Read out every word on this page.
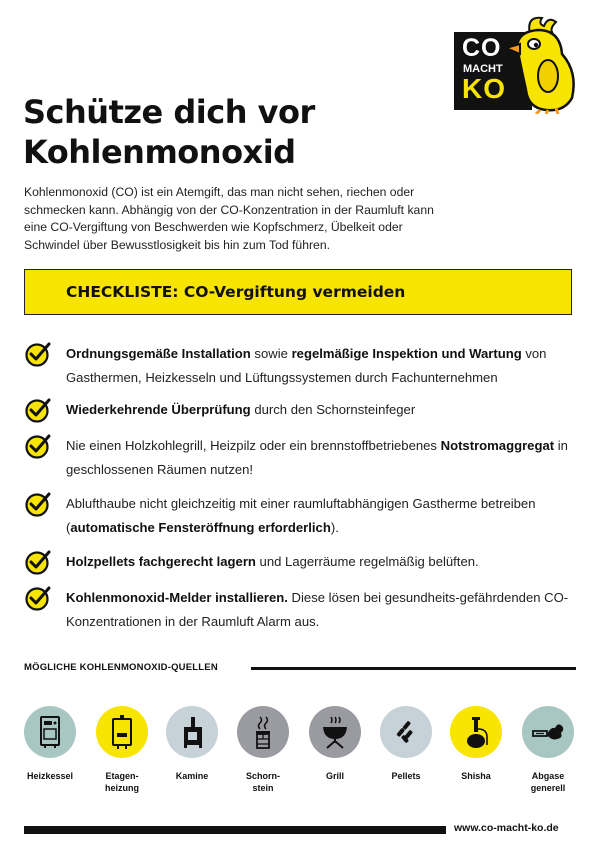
CO
MACHT
KO
Schütze dich vor
Kohlenmonoxid

Kohlenmonoxid (CO) ist ein Atemgift, das man nicht sehen, riechen oder schmecken kann. Abhängig von der CO-Konzentration in der Raumluft kann eine CO-Vergiftung von Beschwerden wie Kopfschmerz, Übelkeit oder Schwindel über Bewusstlosigkeit bis hin zum Tod führen.

CHECKLISTE: CO-Vergiftung vermeiden
Ordnungsgemäße Installation sowie regelmäßige Inspektion und Wartung von Gasthermen, Heizkesseln und Lüftungssystemen durch Fachunternehmen
Wiederkehrende Überprüfung durch den Schornsteinfeger
Nie einen Holzkohlegrill, Heizpilz oder ein brennstoffbetriebenes Notstromaggregat in geschlossenen Räumen nutzen!
Ablufthaube nicht gleichzeitig mit einer raumluftabhängigen Gastherme betreiben (automatische Fensteröffnung erforderlich).
Holzpellets fachgerecht lagern und Lagerräume regelmäßig belüften.
Kohlenmonoxid-Melder installieren. Diese lösen bei gesundheits-gefährdenden CO-Konzentrationen in der Raumluft Alarm aus.
MÖGLICHE KOHLENMONOXID-QUELLEN
Heizkessel	Etagen-
heizung
Kamine	Schorn-
stein
Grill	Pellets	Shisha	Abgase
generell
www.co-macht-ko.de
